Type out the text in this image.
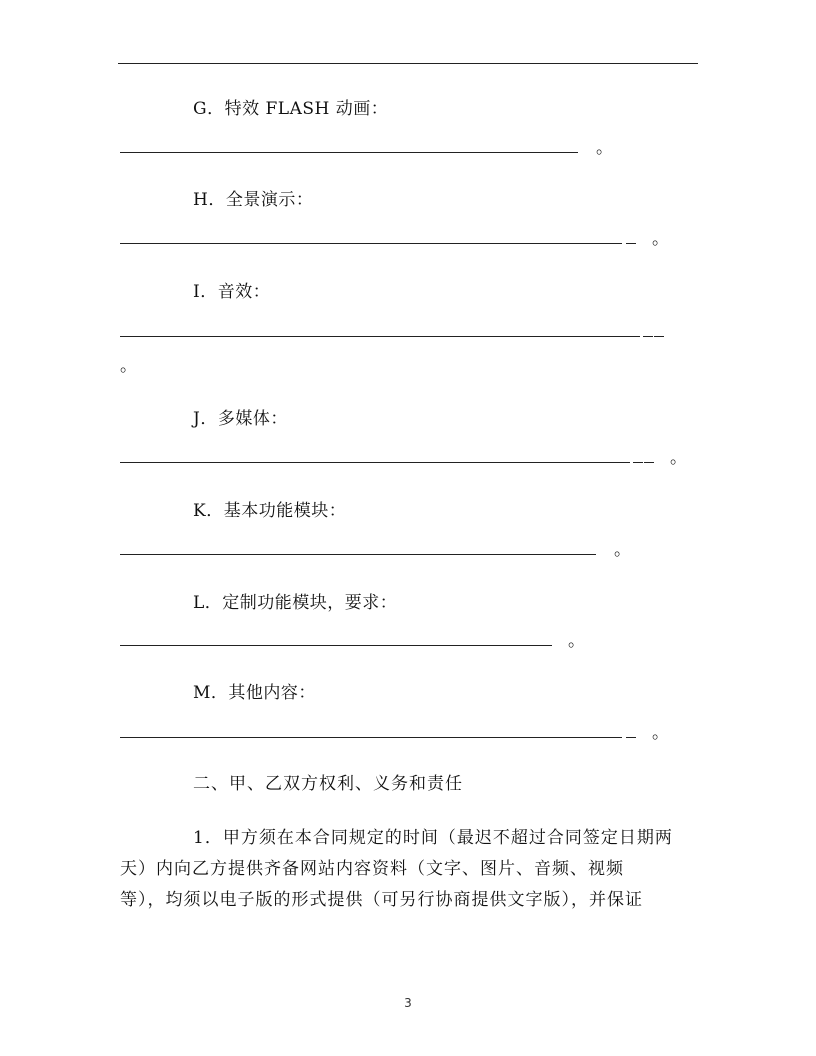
G．特效 FLASH 动画：
。
H．全景演示：
。
I．音效：
。
J．多媒体：
。
K．基本功能模块：
。
L．定制功能模块，要求：
。
M．其他内容：
。
二、甲、乙双方权利、义务和责任
1．甲方须在本合同规定的时间（最迟不超过合同签定日期两
天）内向乙方提供齐备网站内容资料（文字、图片、音频、视频
等），均须以电子版的形式提供（可另行协商提供文字版），并保证
3
